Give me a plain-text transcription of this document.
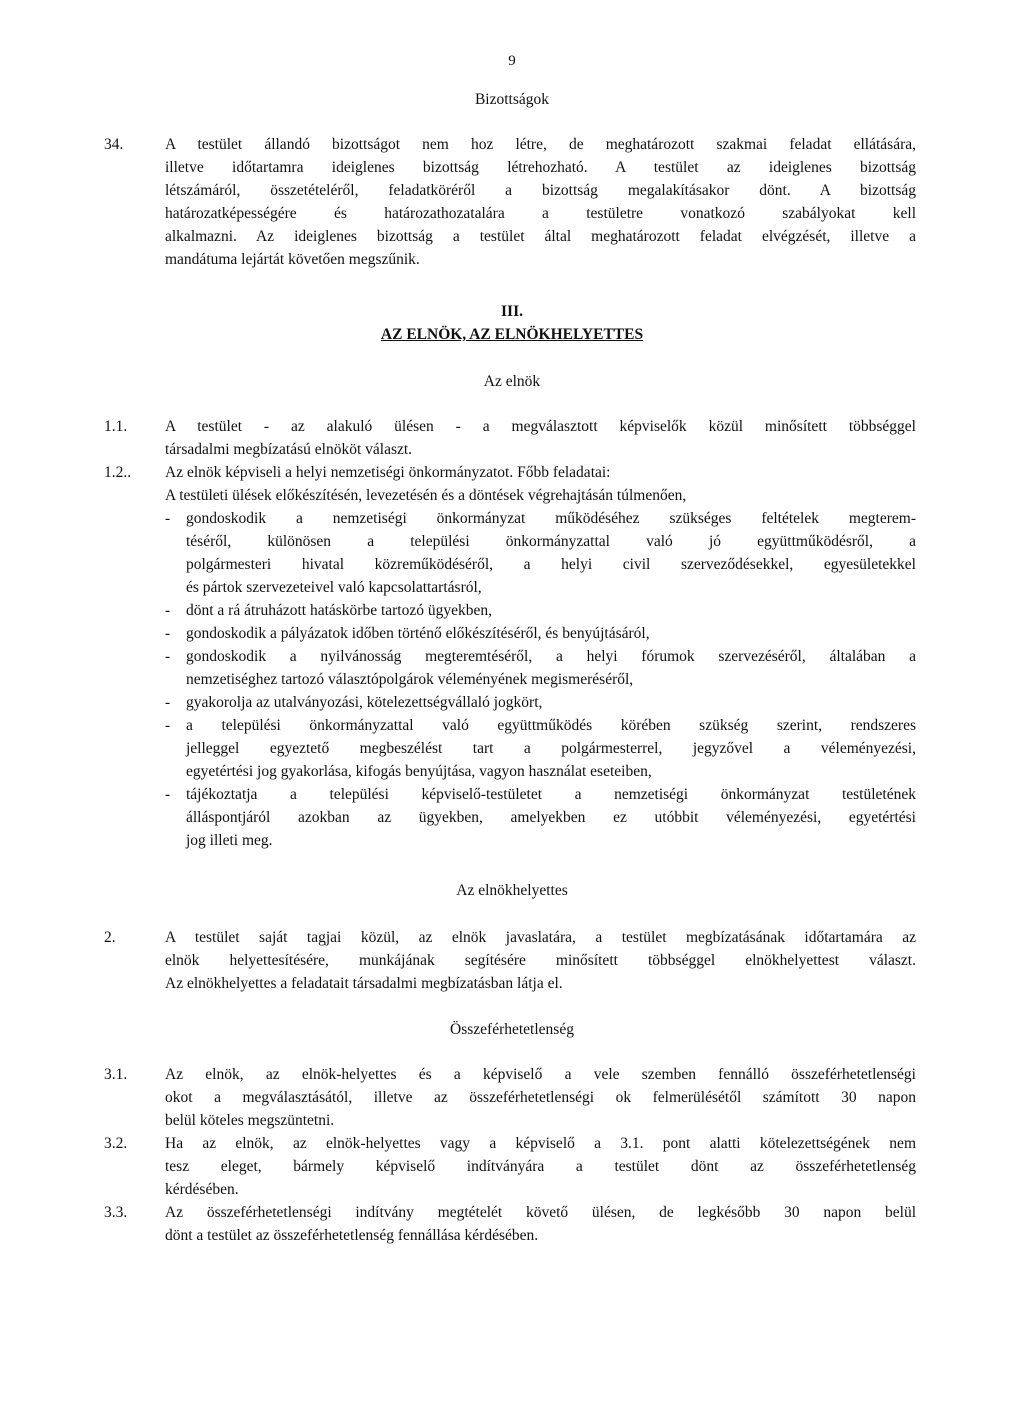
9
Bizottságok
34.	A testület állandó bizottságot nem hoz létre, de meghatározott szakmai feladat ellátására,
illetve időtartamra ideiglenes bizottság létrehozható. A testület az ideiglenes bizottság
létszámáról, összetételéről, feladatköréről a bizottság megalakításakor dönt. A bizottság
határozatképességére és határozathozatalára a testületre vonatkozó szabályokat kell
alkalmazni. Az ideiglenes bizottság a testület által meghatározott feladat elvégzését, illetve a
mandátuma lejártát követően megszűnik.
III.
AZ ELNÖK, AZ ELNÖKHELYETTES
Az elnök
1.1. A testület - az alakuló ülésen - a megválasztott képviselők közül minősített többséggel
társadalmi megbízatású elnököt választ.
1.2.. Az elnök képviseli a helyi nemzetiségi önkormányzatot. Főbb feladatai:
A testületi ülések előkészítésén, levezetésén és a döntések végrehajtásán túlmenően,
- gondoskodik a nemzetiségi önkormányzat működéséhez szükséges feltételek megterem-
téséről, különösen a települési önkormányzattal való jó együttműködésről, a
polgármesteri hivatal közreműködéséről, a helyi civil szerveződésekkel, egyesületekkel
és pártok szervezeteivel való kapcsolattartásról,
- dönt a rá átruházott hatáskörbe tartozó ügyekben,
- gondoskodik a pályázatok időben történő előkészítéséről, és benyújtásáról,
- gondoskodik a nyilvánosság megteremtéséről, a helyi fórumok szervezéséről, általában a
nemzetiséghez tartozó választópolgárok véleményének megismeréséről,
- gyakorolja az utalványozási, kötelezettségvállaló jogkört,
- a települési önkormányzattal való együttműködés körében szükség szerint, rendszeres
jelleggel egyeztető megbeszélést tart a polgármesterrel, jegyzővel a véleményezési,
egyetértési jog gyakorlása, kifogás benyújtása, vagyon használat eseteiben,
- tájékoztatja a települési képviselő-testületet a nemzetiségi önkormányzat testületének
álláspontjáról azokban az ügyekben, amelyekben ez utóbbit véleményezési, egyetértési
jog illeti meg.
Az elnökhelyettes
2.	A testület saját tagjai közül, az elnök javaslatára, a testület megbízatásának időtartamára az
elnök helyettesítésére, munkájának segítésére minősített többséggel elnökhelyettest választ.
Az elnökhelyettes a feladatait társadalmi megbízatásban látja el.
Összeférhetetlenség
3.1. Az elnök, az elnök-helyettes és a képviselő a vele szemben fennálló összeférhetetlenségi
okot a megválasztásától, illetve az összeférhetetlenségi ok felmerülésétől számított 30 napon
belül köteles megszüntetni.
3.2. Ha az elnök, az elnök-helyettes vagy a képviselő a 3.1. pont alatti kötelezettségének nem
tesz eleget, bármely képviselő indítványára a testület dönt az összeférhetetlenség
kérdésében.
3.3. Az összeférhetetlenségi indítvány megtételét követő ülésen, de legkésőbb 30 napon belül
dönt a testület az összeférhetetlenség fennállása kérdésében.
